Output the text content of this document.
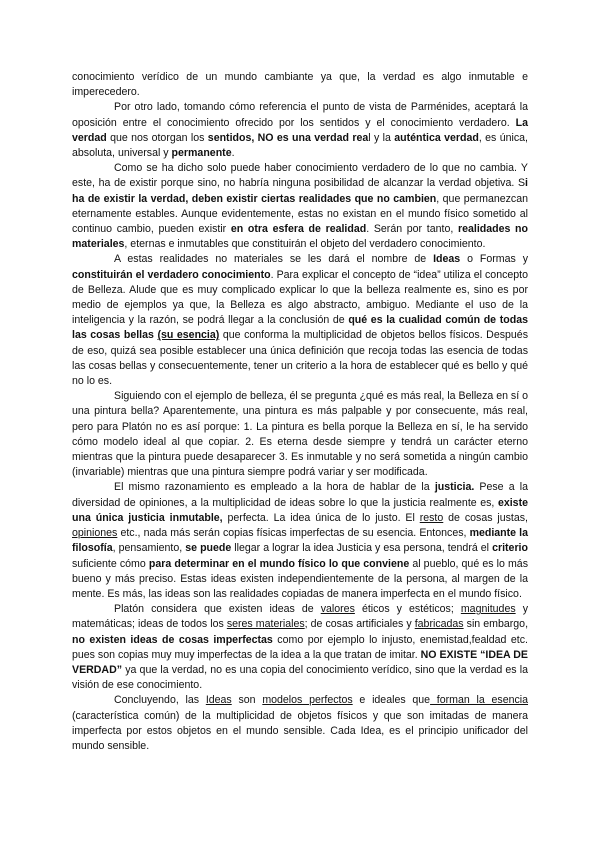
conocimiento verídico de un mundo cambiante ya que, la verdad es algo inmutable e imperecedero.

Por otro lado, tomando cómo referencia el punto de vista de Parménides, aceptará la oposición entre el conocimiento ofrecido por los sentidos y el conocimiento verdadero. La verdad que nos otorgan los sentidos, NO es una verdad real y la auténtica verdad, es única, absoluta, universal y permanente.

Como se ha dicho solo puede haber conocimiento verdadero de lo que no cambia. Y este, ha de existir porque sino, no habría ninguna posibilidad de alcanzar la verdad objetiva. Si ha de existir la verdad, deben existir ciertas realidades que no cambien, que permanezcan eternamente estables. Aunque evidentemente, estas no existan en el mundo físico sometido al continuo cambio, pueden existir en otra esfera de realidad. Serán por tanto, realidades no materiales, eternas e inmutables que constituirán el objeto del verdadero conocimiento.

A estas realidades no materiales se les dará el nombre de Ideas o Formas y constituirán el verdadero conocimiento. Para explicar el concepto de “idea” utiliza el concepto de Belleza. Alude que es muy complicado explicar lo que la belleza realmente es, sino es por medio de ejemplos ya que, la Belleza es algo abstracto, ambiguo. Mediante el uso de la inteligencia y la razón, se podrá llegar a la conclusión de qué es la cualidad común de todas las cosas bellas (su esencia) que conforma la multiplicidad de objetos bellos físicos. Después de eso, quizá sea posible establecer una única definición que recoja todas las esencia de todas las cosas bellas y consecuentemente, tener un criterio a la hora de establecer qué es bello y qué no lo es.

Siguiendo con el ejemplo de belleza, él se pregunta ¿qué es más real, la Belleza en sí o una pintura bella? Aparentemente, una pintura es más palpable y por consecuente, más real, pero para Platón no es así porque: 1. La pintura es bella porque la Belleza en sí, le ha servido cómo modelo ideal al que copiar. 2. Es eterna desde siempre y tendrá un carácter eterno mientras que la pintura puede desaparecer 3. Es inmutable y no será sometida a ningún cambio (invariable) mientras que una pintura siempre podrá variar y ser modificada.

El mismo razonamiento es empleado a la hora de hablar de la justicia. Pese a la diversidad de opiniones, a la multiplicidad de ideas sobre lo que la justicia realmente es, existe una única justicia inmutable, perfecta. La idea única de lo justo. El resto de cosas justas, opiniones etc., nada más serán copias físicas imperfectas de su esencia. Entonces, mediante la filosofía, pensamiento, se puede llegar a lograr la idea Justicia y esa persona, tendrá el criterio suficiente cómo para determinar en el mundo físico lo que conviene al pueblo, qué es lo más bueno y más preciso. Estas ideas existen independientemente de la persona, al margen de la mente. Es más, las ideas son las realidades copiadas de manera imperfecta en el mundo físico.

Platón considera que existen ideas de valores éticos y estéticos; magnitudes y matemáticas; ideas de todos los seres materiales; de cosas artificiales y fabricadas sin embargo, no existen ideas de cosas imperfectas como por ejemplo lo injusto, enemistad,fealdad etc. pues son copias muy muy imperfectas de la idea a la que tratan de imitar. NO EXISTE “IDEA DE VERDAD” ya que la verdad, no es una copia del conocimiento verídico, sino que la verdad es la visión de ese conocimiento.

Concluyendo, las Ideas son modelos perfectos e ideales que forman la esencia (característica común) de la multiplicidad de objetos físicos y que son imitadas de manera imperfecta por estos objetos en el mundo sensible. Cada Idea, es el principio unificador del mundo sensible.
